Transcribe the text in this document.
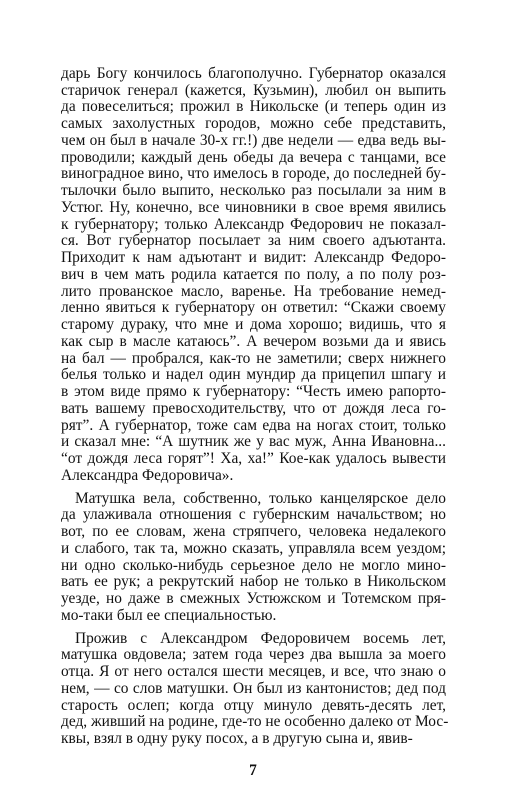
дарь Богу кончилось благополучно. Губернатор оказался
старичок генерал (кажется, Кузьмин), любил он выпить
да повеселиться; прожил в Никольске (и теперь один из
самых захолустных городов, можно себе представить,
чем он был в начале 30-х гг.!) две недели — едва ведь вы-
проводили; каждый день обеды да вечера с танцами, все
виноградное вино, что имелось в городе, до последней бу-
тылочки было выпито, несколько раз посылали за ним в
Устюг. Ну, конечно, все чиновники в свое время явились
к губернатору; только Александр Федорович не показал-
ся. Вот губернатор посылает за ним своего адъютанта.
Приходит к нам адъютант и видит: Александр Федоро-
вич в чем мать родила катается по полу, а по полу роз-
лито прованское масло, варенье. На требование немед-
ленно явиться к губернатору он ответил: “Скажи своему
старому дураку, что мне и дома хорошо; видишь, что я
как сыр в масле катаюсь”. А вечером возьми да и явись
на бал — пробрался, как-то не заметили; сверх нижнего
белья только и надел один мундир да прицепил шпагу и
в этом виде прямо к губернатору: “Честь имею рапорто-
вать вашему превосходительству, что от дождя леса го-
рят”. А губернатор, тоже сам едва на ногах стоит, только
и сказал мне: “А шутник же у вас муж, Анна Ивановна...
“от дождя леса горят”! Ха, ха!” Кое-как удалось вывести
Александра Федоровича».
Матушка вела, собственно, только канцелярское дело
да улаживала отношения с губернским начальством; но
вот, по ее словам, жена стряпчего, человека недалекого
и слабого, так та, можно сказать, управляла всем уездом;
ни одно сколько-нибудь серьезное дело не могло мино-
вать ее рук; а рекрутский набор не только в Никольском
уезде, но даже в смежных Устюжском и Тотемском пря-
мо-таки был ее специальностью.
Прожив с Александром Федоровичем восемь лет,
матушка овдовела; затем года через два вышла за моего
отца. Я от него остался шести месяцев, и все, что знаю о
нем, — со слов матушки. Он был из кантонистов; дед под
старость ослеп; когда отцу минуло девять-десять лет,
дед, живший на родине, где-то не особенно далеко от Мос-
квы, взял в одну руку посох, а в другую сына и, явив-
7
